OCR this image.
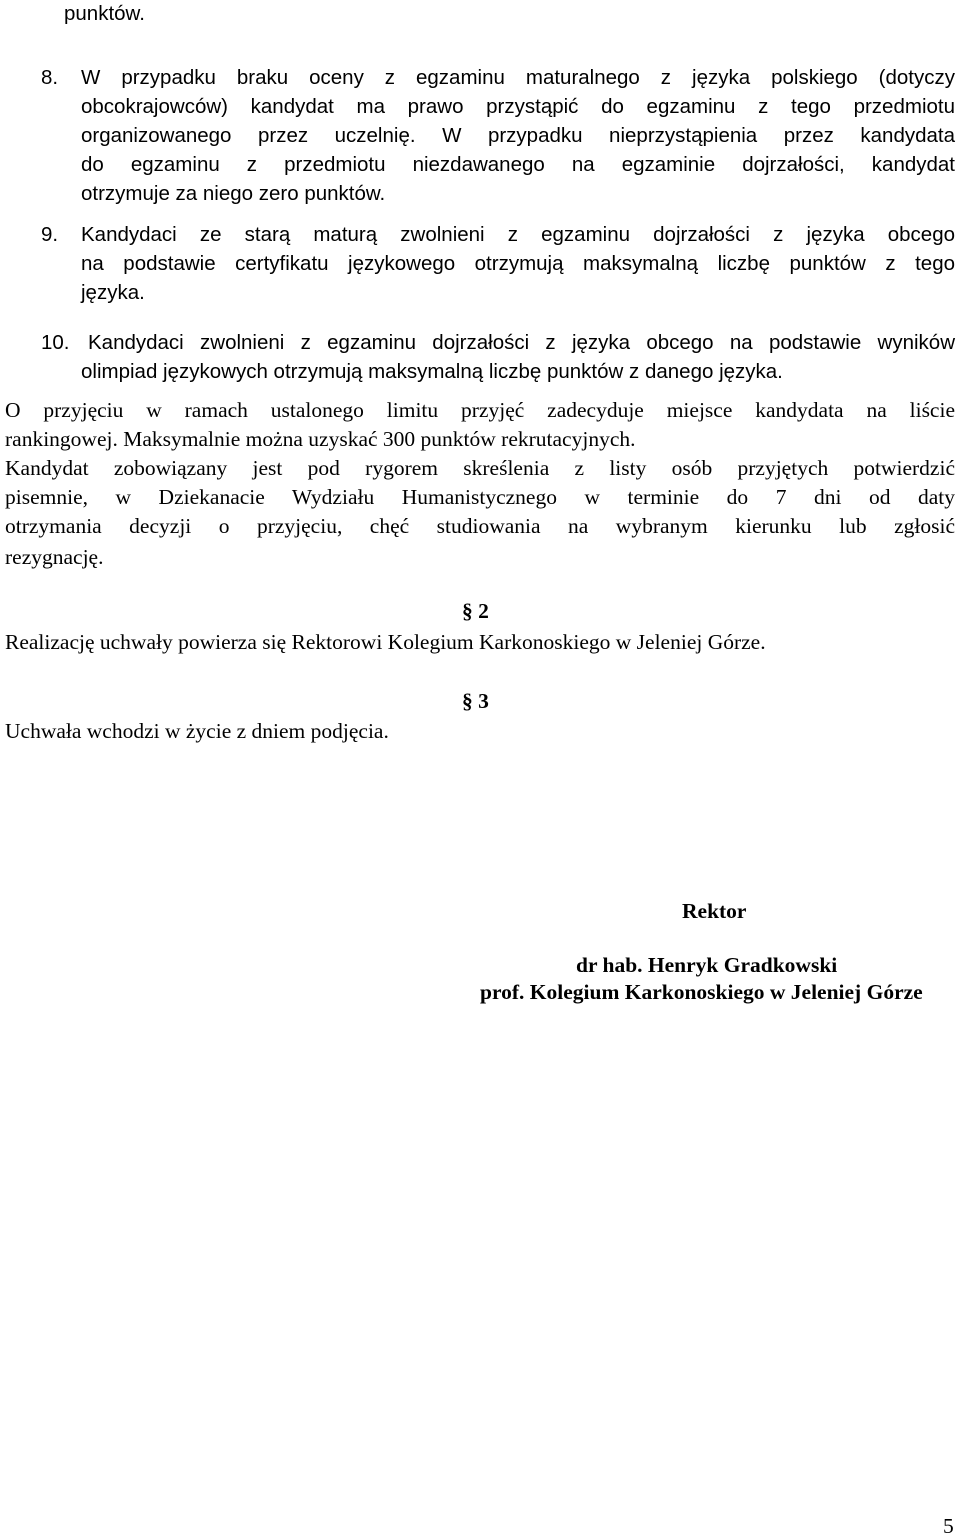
punktów.
8. W przypadku braku oceny z egzaminu maturalnego z języka polskiego (dotyczy
obcokrajowców) kandydat ma prawo przystąpić do egzaminu z tego przedmiotu
organizowanego przez uczelnię. W przypadku nieprzystąpienia przez kandydata
do egzaminu z przedmiotu niezdawanego na egzaminie dojrzałości, kandydat
otrzymuje za niego zero punktów.
9. Kandydaci ze starą maturą zwolnieni z egzaminu dojrzałości z języka obcego
na podstawie certyfikatu językowego otrzymują maksymalną liczbę punktów z tego
języka.
10. Kandydaci zwolnieni z egzaminu dojrzałości z języka obcego na podstawie wyników
olimpiad językowych otrzymują maksymalną liczbę punktów z danego języka.
O przyjęciu w ramach ustalonego limitu przyjęć zadecyduje miejsce kandydata na liście
rankingowej. Maksymalnie można uzyskać 300 punktów rekrutacyjnych.
Kandydat zobowiązany jest pod rygorem skreślenia z listy osób przyjętych potwierdzić
pisemnie, w Dziekanacie Wydziału Humanistycznego w terminie do 7 dni od daty
otrzymania decyzji o przyjęciu, chęć studiowania na wybranym kierunku lub zgłosić
rezygnację.
§ 2
Realizację uchwały powierza się Rektorowi Kolegium Karkonoskiego w Jeleniej Górze.
§ 3
Uchwała wchodzi w życie z dniem podjęcia.
Rektor
dr hab. Henryk Gradkowski
prof. Kolegium Karkonoskiego w Jeleniej Górze
5
